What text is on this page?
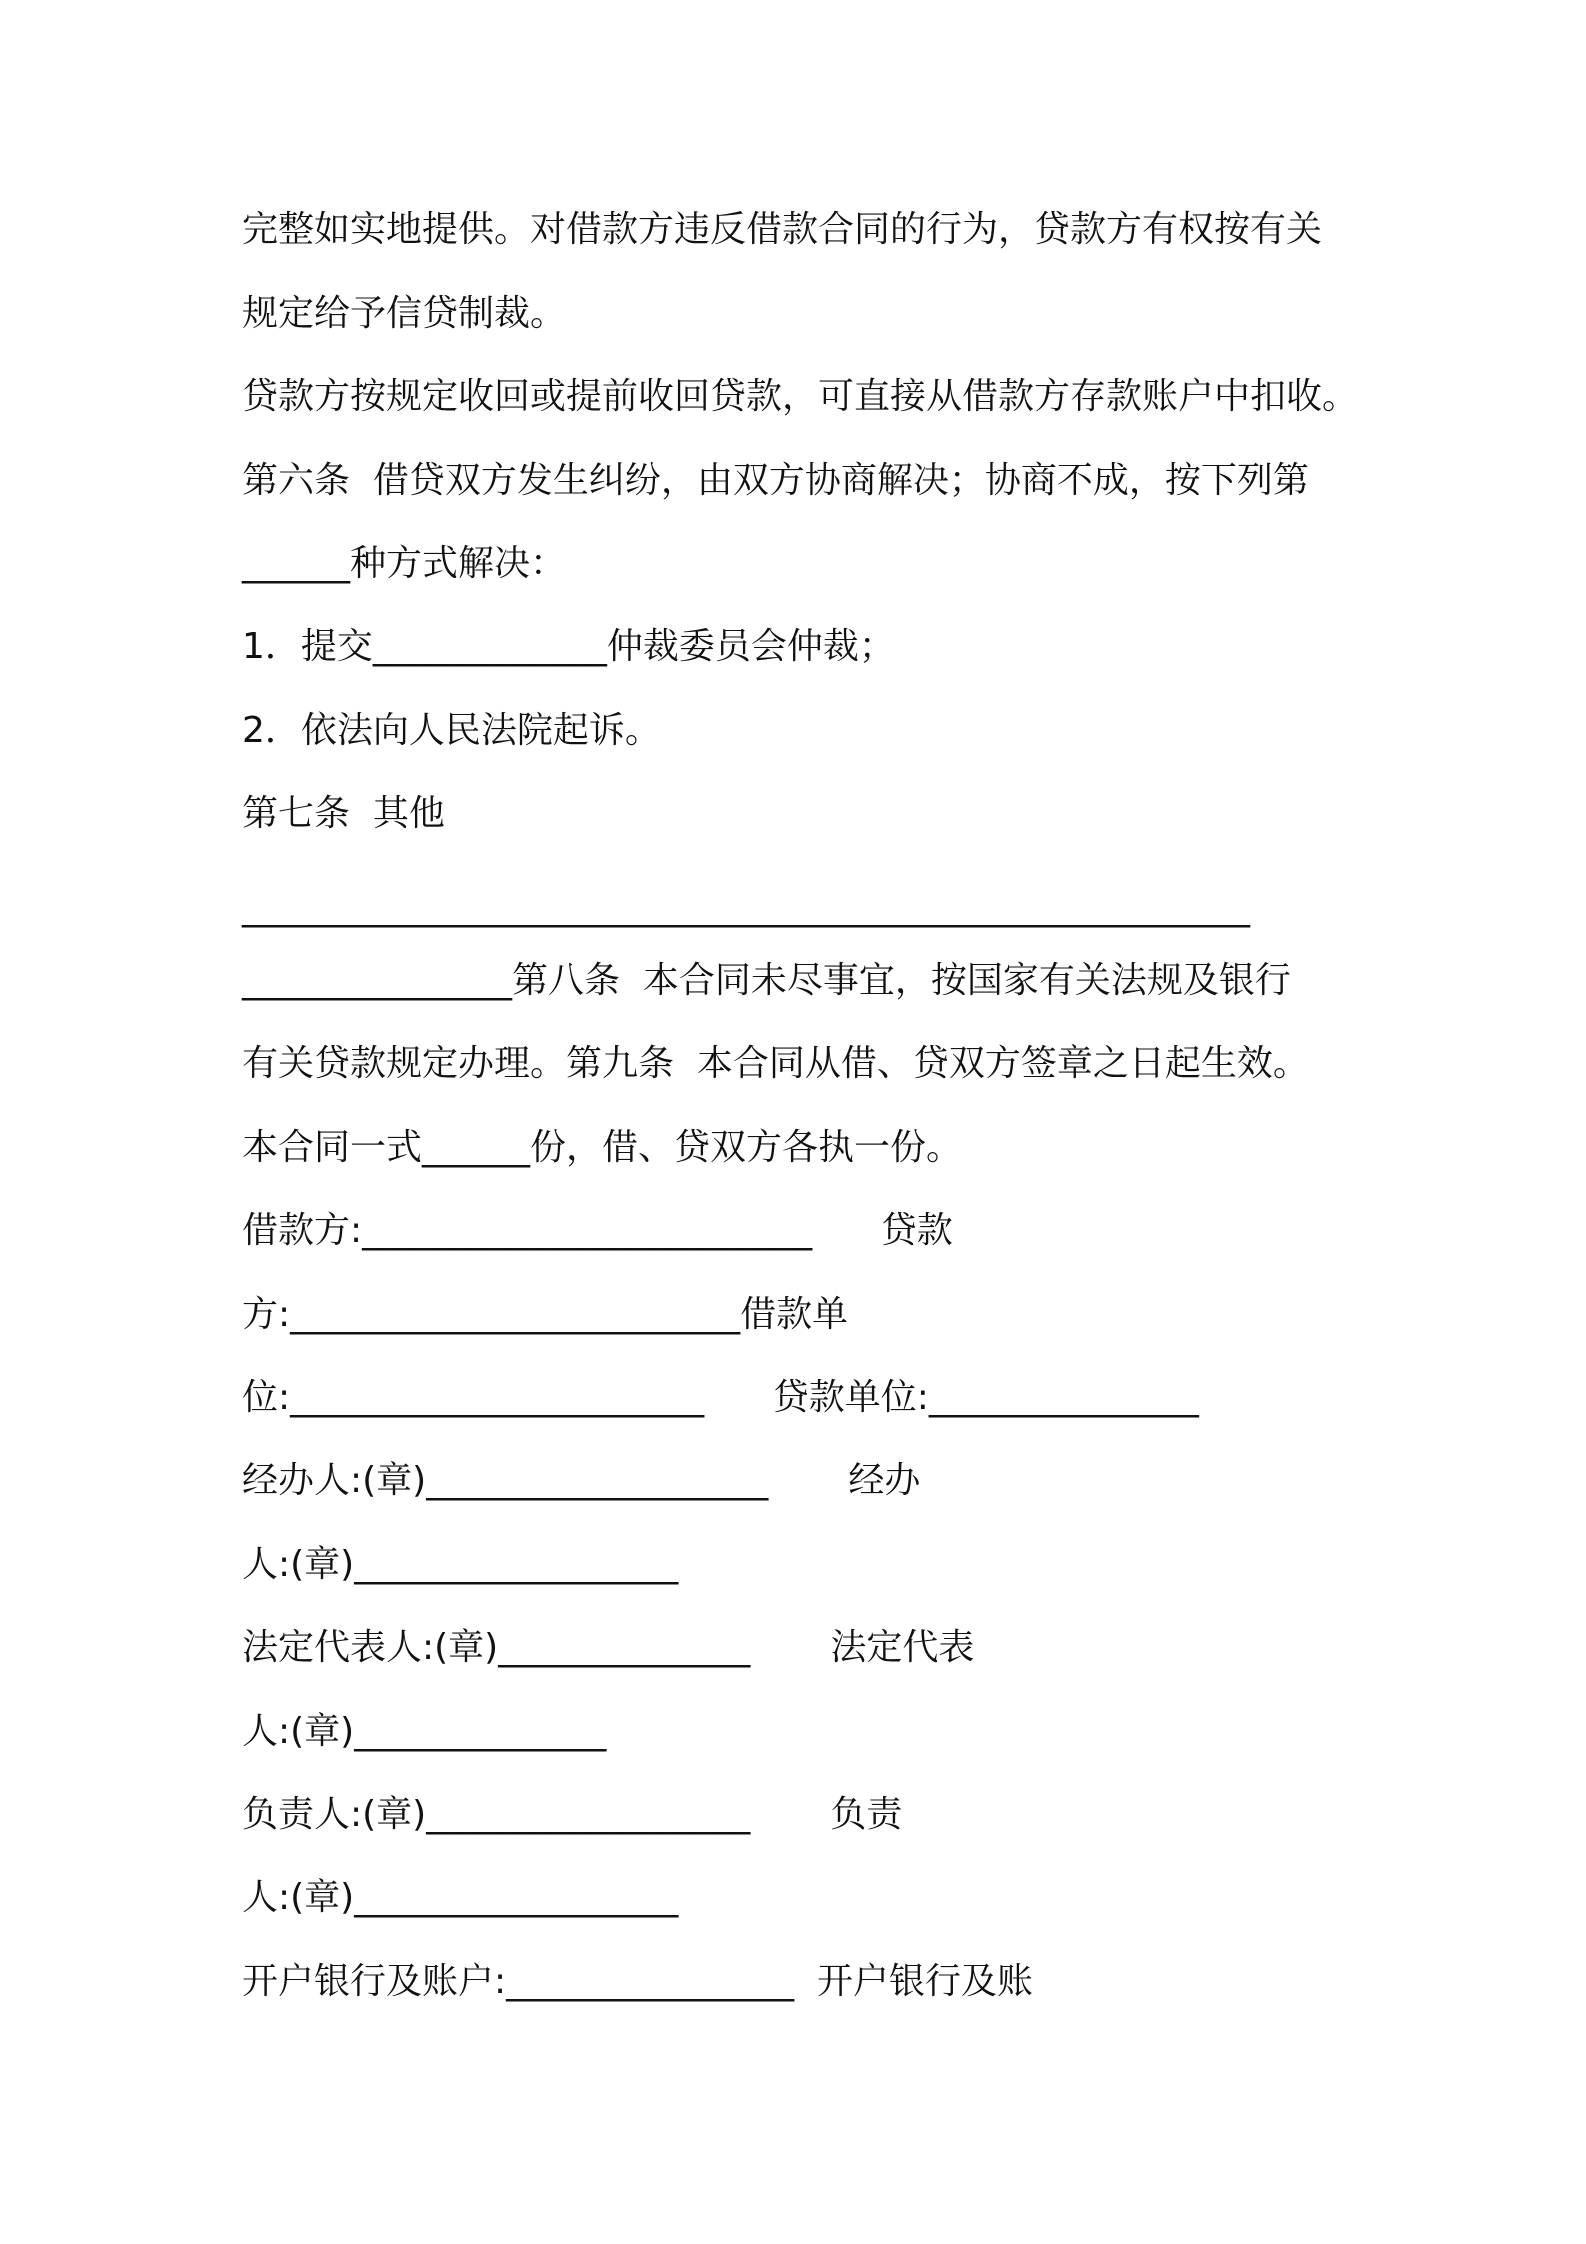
完整如实地提供。对借款方违反借款合同的行为，贷款方有权按有关

规定给予信贷制裁。

贷款方按规定收回或提前收回贷款，可直接从借款方存款账户中扣收。

第六条  借贷双方发生纠纷，由双方协商解决；协商不成，按下列第

______种方式解决：

1．提交_____________仲裁委员会仲裁；

2．依法向人民法院起诉。

第七条  其他

________________________________________________________

_______________第八条  本合同未尽事宜，按国家有关法规及银行

有关贷款规定办理。第九条  本合同从借、贷双方签章之日起生效。

本合同一式______份，借、贷双方各执一份。

借款方:_________________________      贷款

方:_________________________借款单

位:_______________________      贷款单位:_______________

经办人:(章)___________________       经办

人:(章)__________________

法定代表人:(章)______________       法定代表

人:(章)______________

负责人:(章)__________________       负责

人:(章)__________________

开户银行及账户:________________  开户银行及账
